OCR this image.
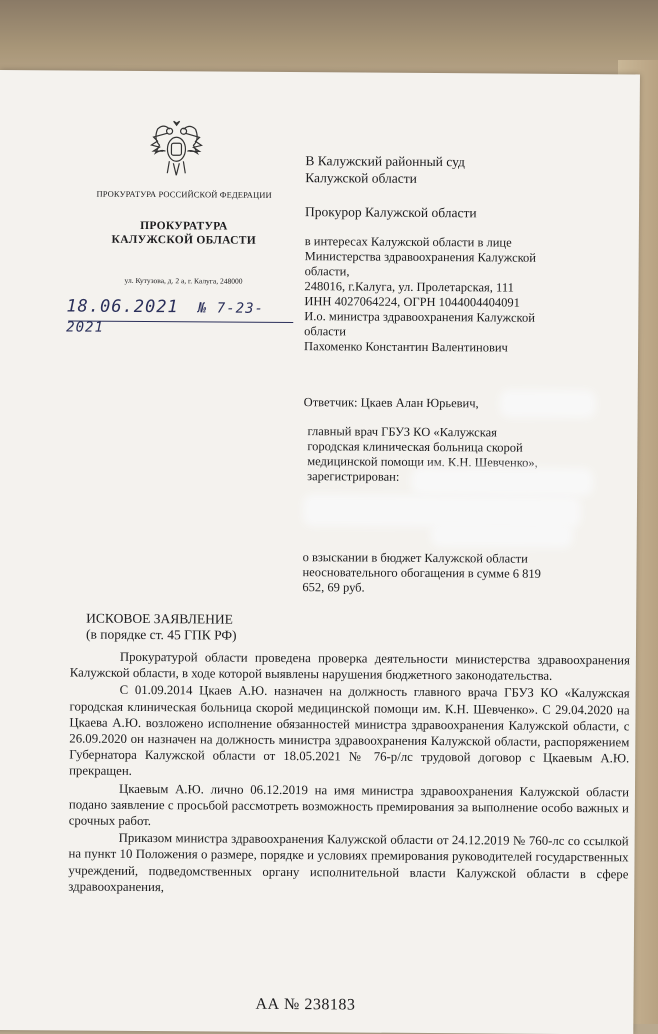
ПРОКУРАТУРА РОССИЙСКОЙ ФЕДЕРАЦИИ
ПРОКУРАТУРА
КАЛУЖСКОЙ ОБЛАСТИ
ул. Кутузова, д. 2 а, г. Калуга, 248000
18.06.2021 № 7-23-2021
В Калужский районный суд
Калужской области
Прокурор Калужской области
в интересах Калужской области в лице
Министерства здравоохранения Калужской
области,
248016, г.Калуга, ул. Пролетарская, 111
ИНН 4027064224, ОГРН 1044004404091
И.о. министра здравоохранения Калужской
области
Пахоменко Константин Валентинович
Ответчик: Цкаев Алан Юрьевич,
главный врач ГБУЗ КО «Калужская
городская клиническая больница скорой
медицинской помощи им. К.Н. Шевченко»,
зарегистрирован:
о взыскании в бюджет Калужской области
неосновательного обогащения в сумме 6 819
652, 69 руб.
ИСКОВОЕ ЗАЯВЛЕНИЕ
(в порядке ст. 45 ГПК РФ)

Прокуратурой области проведена проверка деятельности министерства здравоохранения Калужской области, в ходе которой выявлены нарушения бюджетного законодательства.

С 01.09.2014 Цкаев А.Ю. назначен на должность главного врача ГБУЗ КО «Калужская городская клиническая больница скорой медицинской помощи им. К.Н. Шевченко». С 29.04.2020 на Цкаева А.Ю. возложено исполнение обязанностей министра здравоохранения Калужской области, с 26.09.2020 он назначен на должность министра здравоохранения Калужской области, распоряжением Губернатора Калужской области от 18.05.2021 № 76-р/лс трудовой договор с Цкаевым А.Ю. прекращен.

Цкаевым А.Ю. лично 06.12.2019 на имя министра здравоохранения Калужской области подано заявление с просьбой рассмотреть возможность премирования за выполнение особо важных и срочных работ.

Приказом министра здравоохранения Калужской области от 24.12.2019 № 760-лс со ссылкой на пункт 10 Положения о размере, порядке и условиях премирования руководителей государственных учреждений, подведомственных органу исполнительной власти Калужской области в сфере здравоохранения,

АА № 238183
